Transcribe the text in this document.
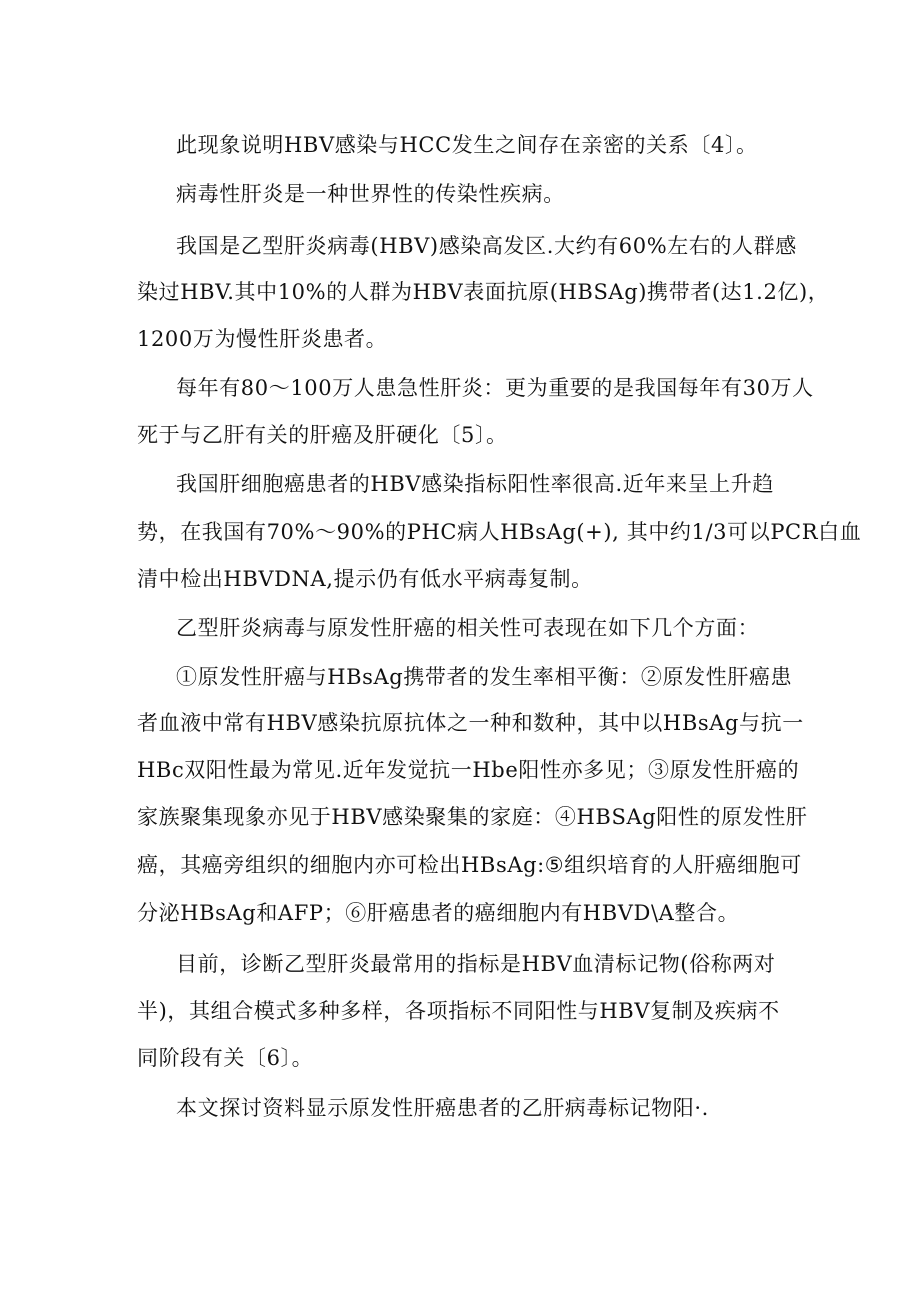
此现象说明HBV感染与HCC发生之间存在亲密的关系〔4〕。
病毒性肝炎是一种世界性的传染性疾病。
我国是乙型肝炎病毒(HBV)感染高发区.大约有60%左右的人群感
染过HBV.其中10%的人群为HBV表面抗原(HBSAg)携带者(达1.2亿)，
1200万为慢性肝炎患者。
每年有80～100万人患急性肝炎：更为重要的是我国每年有30万人
死于与乙肝有关的肝癌及肝硬化〔5〕。
我国肝细胞癌患者的HBV感染指标阳性率很高.近年来呈上升趋
势，在我国有70%～90%的PHC病人HBsAg(+), 其中约1/3可以PCR白血
清中检出HBVDNA,提示仍有低水平病毒复制。
乙型肝炎病毒与原发性肝癌的相关性可表现在如下几个方面：
①原发性肝癌与HBsAg携带者的发生率相平衡：②原发性肝癌患
者血液中常有HBV感染抗原抗体之一种和数种，其中以HBsAg与抗一
HBc双阳性最为常见.近年发觉抗一Hbe阳性亦多见；③原发性肝癌的
家族聚集现象亦见于HBV感染聚集的家庭：④HBSAg阳性的原发性肝
癌，其癌旁组织的细胞内亦可检出HBsAg:⑤组织培育的人肝癌细胞可
分泌HBsAg和AFP；⑥肝癌患者的癌细胞内有HBVD\A整合。
目前，诊断乙型肝炎最常用的指标是HBV血清标记物(俗称两对
半)，其组合模式多种多样，各项指标不同阳性与HBV复制及疾病不
同阶段有关〔6〕。
本文探讨资料显示原发性肝癌患者的乙肝病毒标记物阳·.
